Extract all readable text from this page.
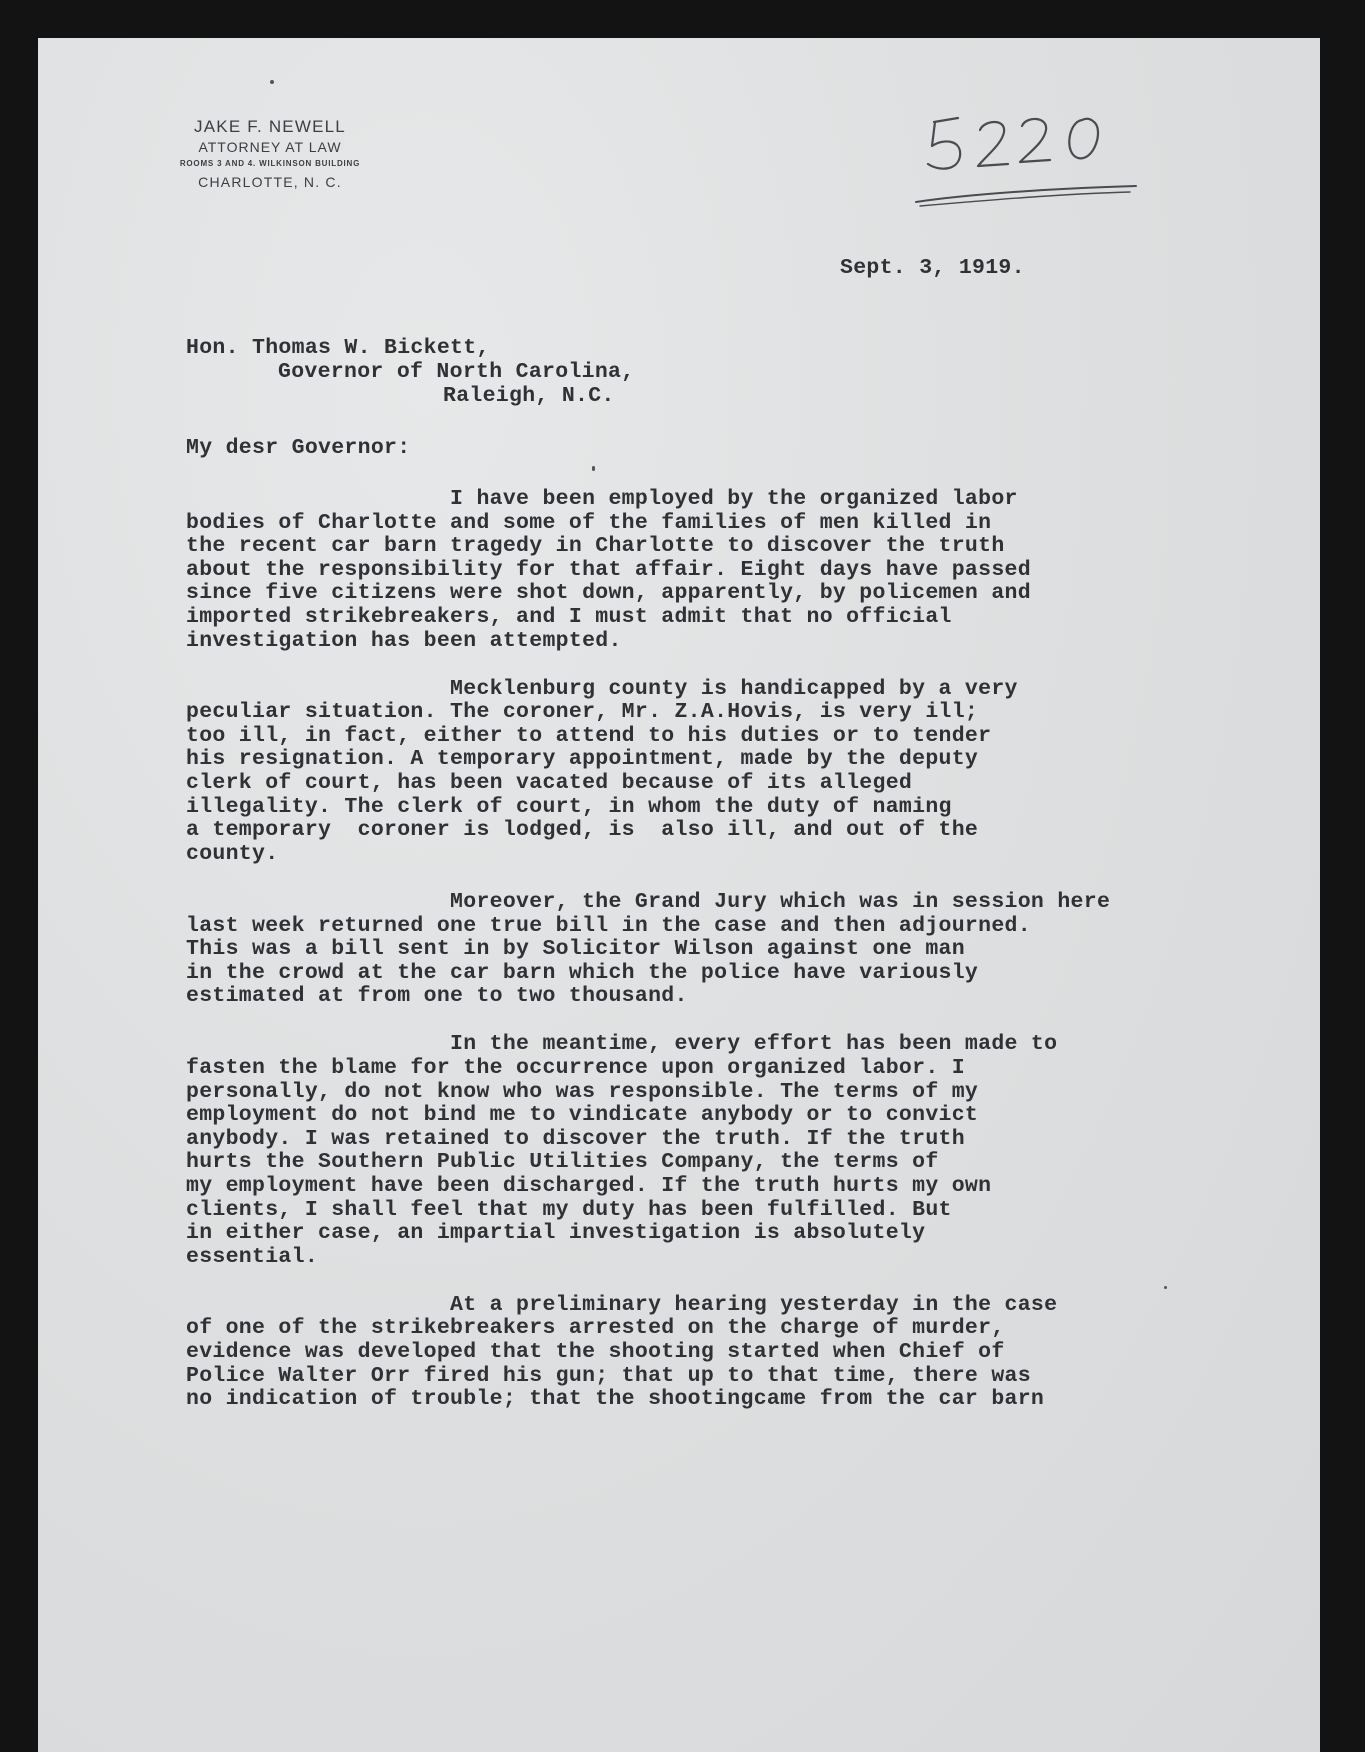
JAKE F. NEWELL
ATTORNEY AT LAW
ROOMS 3 AND 4. WILKINSON BUILDING
CHARLOTTE, N. C.
Sept. 3, 1919.
Hon. Thomas W. Bickett,
Governor of North Carolina,
Raleigh, N.C.
My desr Governor:
I have been employed by the organized labor
bodies of Charlotte and some of the families of men killed in
the recent car barn tragedy in Charlotte to discover the truth
about the responsibility for that affair. Eight days have passed
since five citizens were shot down, apparently, by policemen and
imported strikebreakers, and I must admit that no official
investigation has been attempted.
Mecklenburg county is handicapped by a very
peculiar situation. The coroner, Mr. Z.A.Hovis, is very ill;
too ill, in fact, either to attend to his duties or to tender
his resignation. A temporary appointment, made by the deputy
clerk of court, has been vacated because of its alleged
illegality. The clerk of court, in whom the duty of naming
a temporary  coroner is lodged, is  also ill, and out of the
county.
Moreover, the Grand Jury which was in session here
last week returned one true bill in the case and then adjourned.
This was a bill sent in by Solicitor Wilson against one man
in the crowd at the car barn which the police have variously
estimated at from one to two thousand.
In the meantime, every effort has been made to
fasten the blame for the occurrence upon organized labor. I
personally, do not know who was responsible. The terms of my
employment do not bind me to vindicate anybody or to convict
anybody. I was retained to discover the truth. If the truth
hurts the Southern Public Utilities Company, the terms of
my employment have been discharged. If the truth hurts my own
clients, I shall feel that my duty has been fulfilled. But
in either case, an impartial investigation is absolutely
essential.
At a preliminary hearing yesterday in the case
of one of the strikebreakers arrested on the charge of murder,
evidence was developed that the shooting started when Chief of
Police Walter Orr fired his gun; that up to that time, there was
no indication of trouble; that the shootingcame from the car barn
